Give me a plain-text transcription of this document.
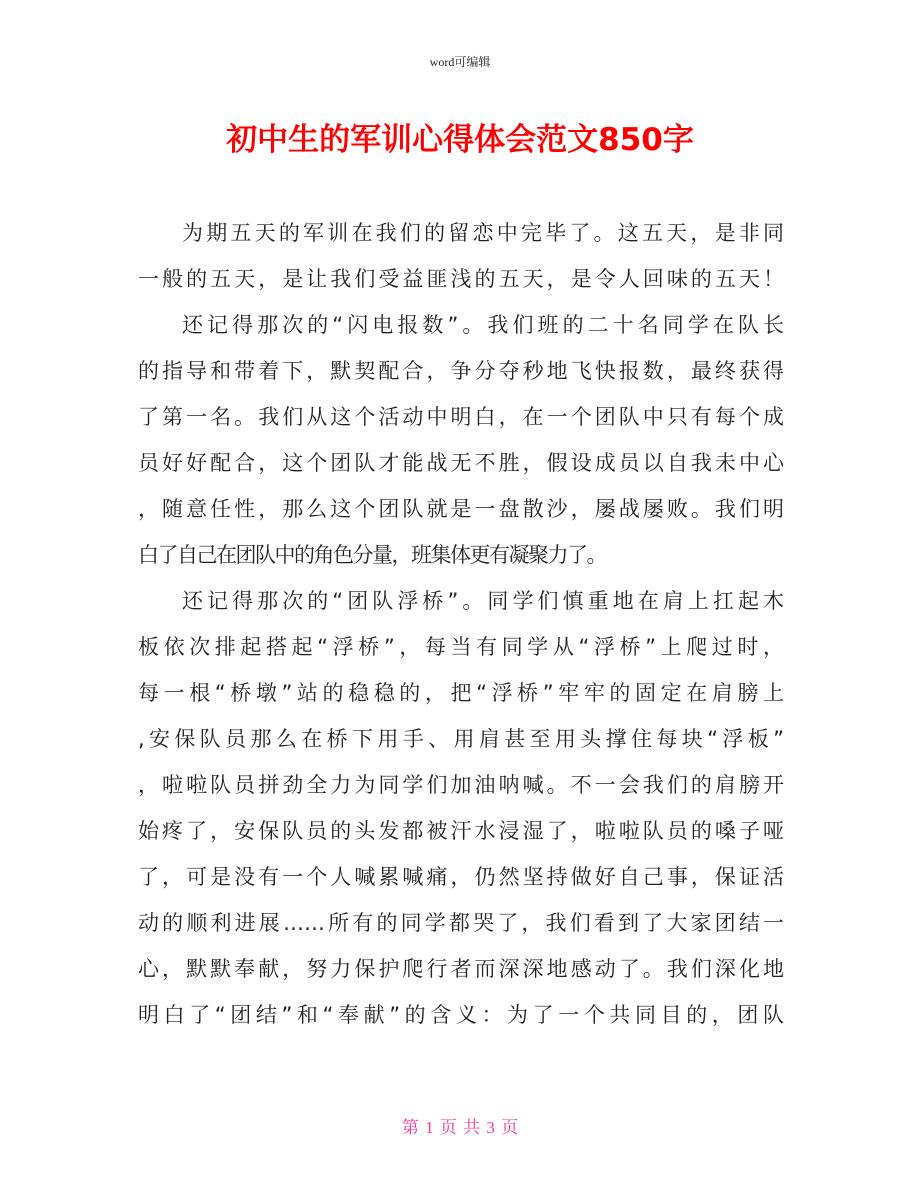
word可编辑
初中生的军训心得体会范文850字
为期五天的军训在我们的留恋中完毕了。这五天，是非同
一般的五天，是让我们受益匪浅的五天，是令人回味的五天！
还记得那次的“闪电报数”。我们班的二十名同学在队长
的指导和带着下，默契配合，争分夺秒地飞快报数，最终获得
了第一名。我们从这个活动中明白，在一个团队中只有每个成
员好好配合，这个团队才能战无不胜，假设成员以自我未中心
，随意任性，那么这个团队就是一盘散沙，屡战屡败。我们明
白了自己在团队中的角色分量，班集体更有凝聚力了。
还记得那次的“团队浮桥”。同学们慎重地在肩上扛起木
板依次排起搭起“浮桥”，每当有同学从“浮桥”上爬过时，
每一根“桥墩”站的稳稳的，把“浮桥”牢牢的固定在肩膀上
,安保队员那么在桥下用手、用肩甚至用头撑住每块“浮板”
，啦啦队员拼劲全力为同学们加油呐喊。不一会我们的肩膀开
始疼了，安保队员的头发都被汗水浸湿了，啦啦队员的嗓子哑
了，可是没有一个人喊累喊痛，仍然坚持做好自己事，保证活
动的顺利进展……所有的同学都哭了，我们看到了大家团结一
心，默默奉献，努力保护爬行者而深深地感动了。我们深化地
明白了“团结”和“奉献”的含义：为了一个共同目的，团队
第 1 页 共 3 页
